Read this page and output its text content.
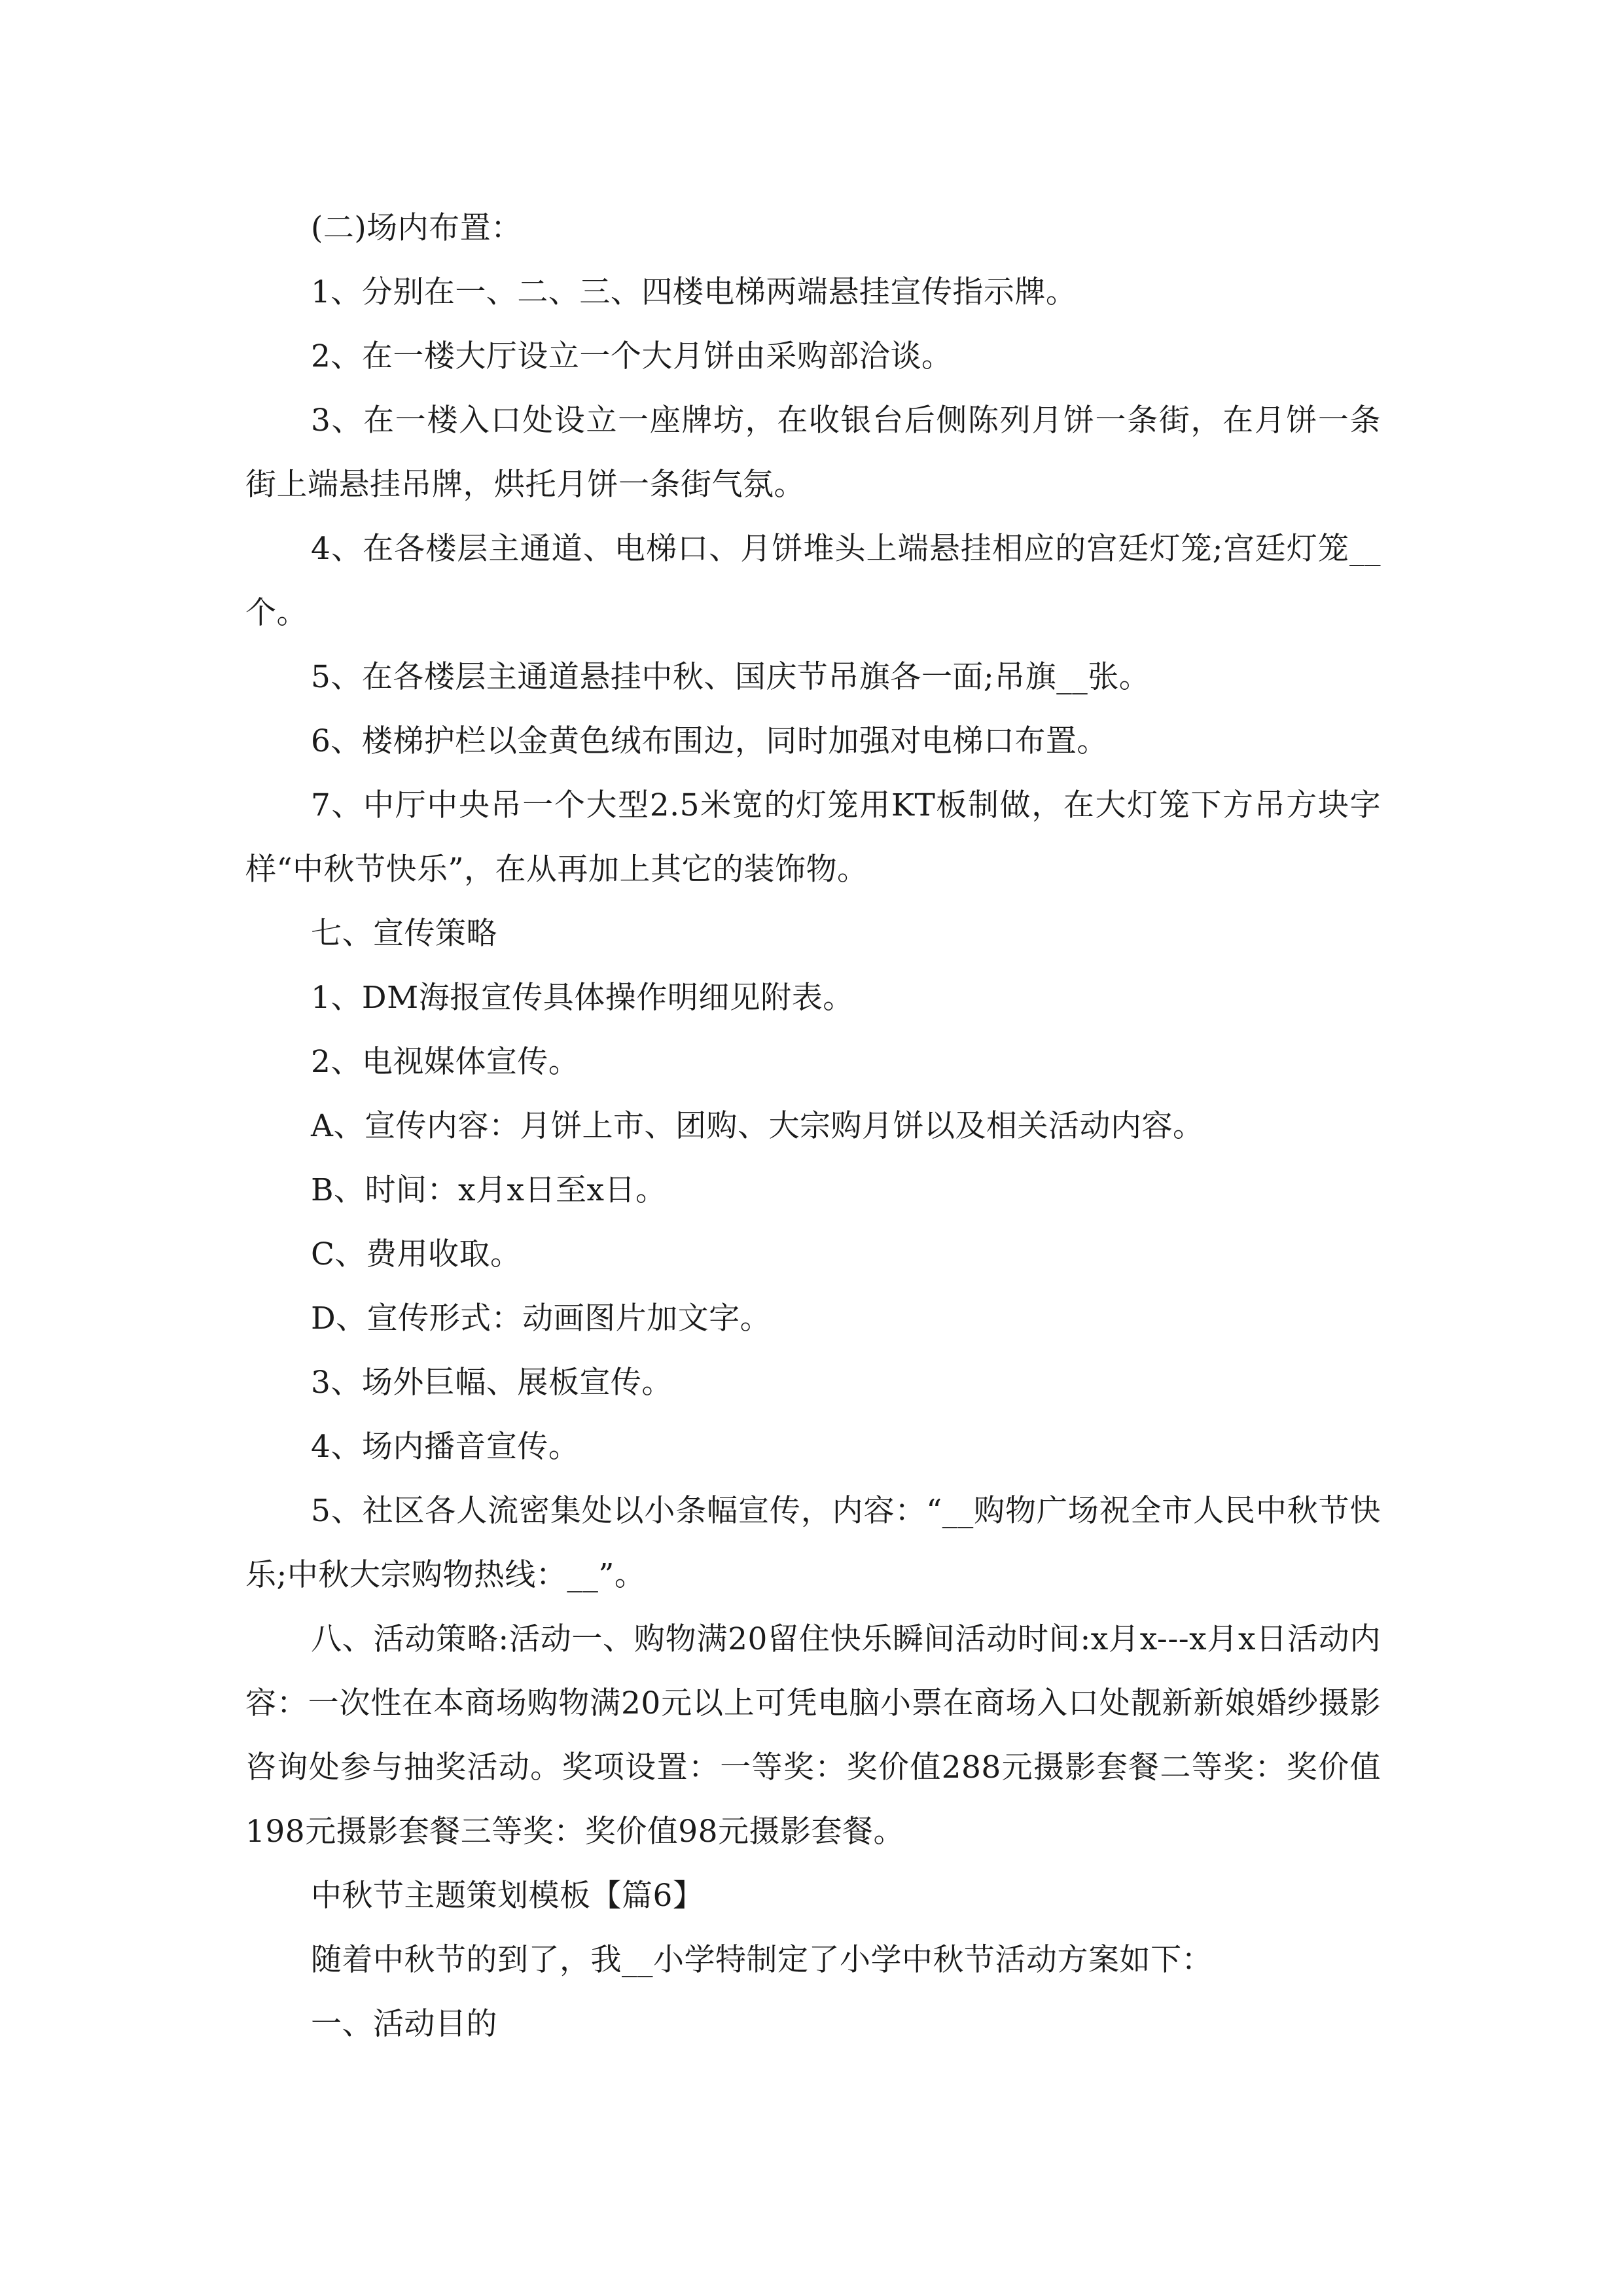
(二)场内布置：

1、分别在一、二、三、四楼电梯两端悬挂宣传指示牌。

2、在一楼大厅设立一个大月饼由采购部洽谈。

3、在一楼入口处设立一座牌坊，在收银台后侧陈列月饼一条街，在月饼一条街上端悬挂吊牌，烘托月饼一条街气氛。

4、在各楼层主通道、电梯口、月饼堆头上端悬挂相应的宫廷灯笼;宫廷灯笼__个。

5、在各楼层主通道悬挂中秋、国庆节吊旗各一面;吊旗__张。

6、楼梯护栏以金黄色绒布围边，同时加强对电梯口布置。

7、中厅中央吊一个大型2.5米宽的灯笼用KT板制做，在大灯笼下方吊方块字样“中秋节快乐”，在从再加上其它的装饰物。

七、宣传策略

1、DM海报宣传具体操作明细见附表。

2、电视媒体宣传。

A、宣传内容：月饼上市、团购、大宗购月饼以及相关活动内容。

B、时间：x月x日至x日。

C、费用收取。

D、宣传形式：动画图片加文字。

3、场外巨幅、展板宣传。

4、场内播音宣传。

5、社区各人流密集处以小条幅宣传，内容：“__购物广场祝全市人民中秋节快乐;中秋大宗购物热线：__”。

八、活动策略:活动一、购物满20留住快乐瞬间活动时间:x月x---x月x日活动内容：一次性在本商场购物满20元以上可凭电脑小票在商场入口处靓新新娘婚纱摄影咨询处参与抽奖活动。奖项设置：一等奖：奖价值288元摄影套餐二等奖：奖价值198元摄影套餐三等奖：奖价值98元摄影套餐。

中秋节主题策划模板【篇6】

随着中秋节的到了，我__小学特制定了小学中秋节活动方案如下：

一、活动目的
